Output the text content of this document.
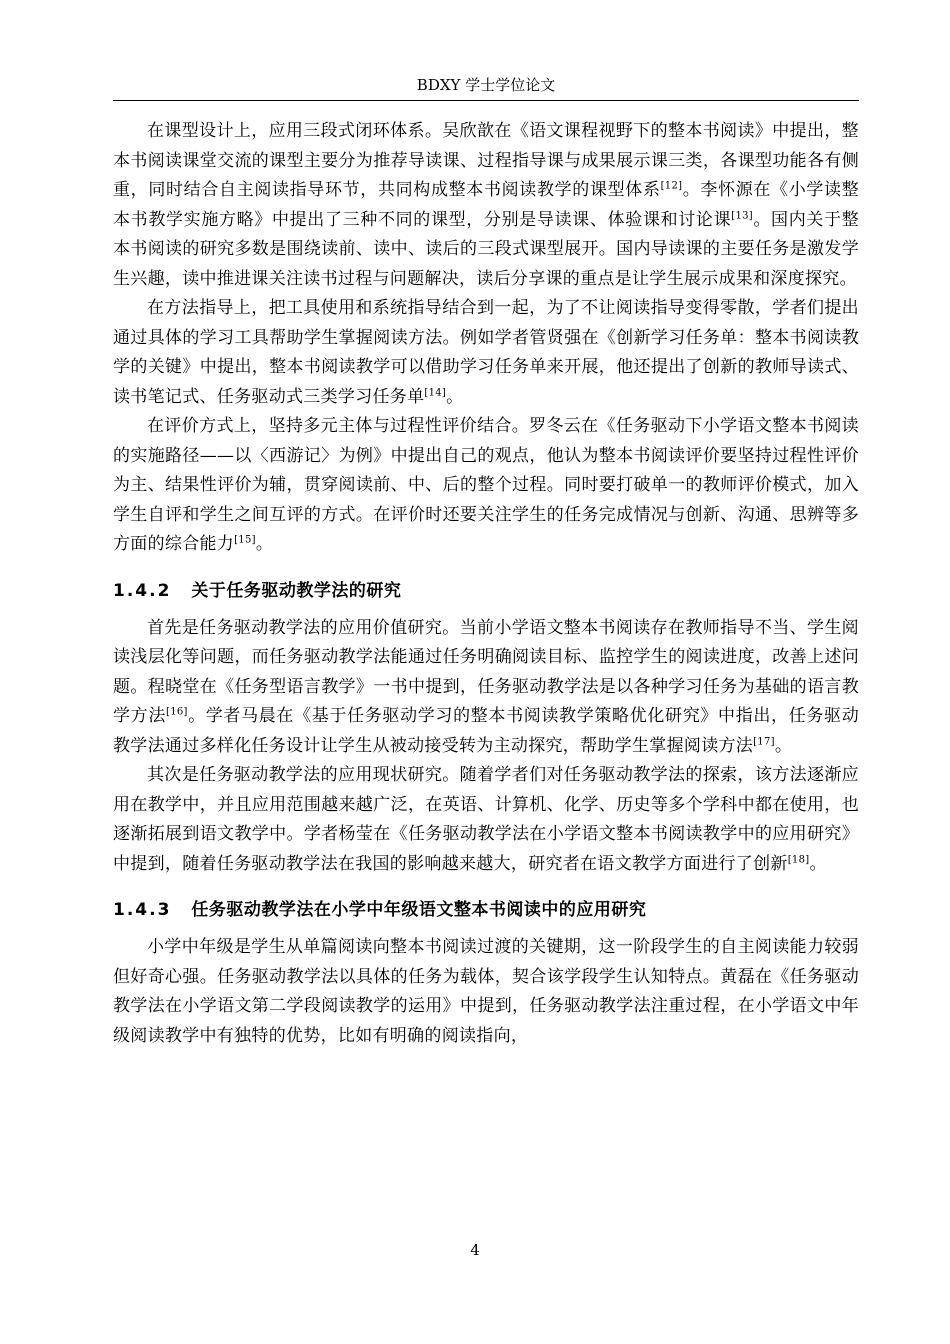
BDXY 学士学位论文

在课型设计上，应用三段式闭环体系。吴欣歆在《语文课程视野下的整本书阅读》中提出，整本书阅读课堂交流的课型主要分为推荐导读课、过程指导课与成果展示课三类，各课型功能各有侧重，同时结合自主阅读指导环节，共同构成整本书阅读教学的课型体系[12]。李怀源在《小学读整本书教学实施方略》中提出了三种不同的课型，分别是导读课、体验课和讨论课[13]。国内关于整本书阅读的研究多数是围绕读前、读中、读后的三段式课型展开。国内导读课的主要任务是激发学生兴趣，读中推进课关注读书过程与问题解决，读后分享课的重点是让学生展示成果和深度探究。

在方法指导上，把工具使用和系统指导结合到一起，为了不让阅读指导变得零散，学者们提出通过具体的学习工具帮助学生掌握阅读方法。例如学者管贤强在《创新学习任务单：整本书阅读教学的关键》中提出，整本书阅读教学可以借助学习任务单来开展，他还提出了创新的教师导读式、读书笔记式、任务驱动式三类学习任务单[14]。

在评价方式上，坚持多元主体与过程性评价结合。罗冬云在《任务驱动下小学语文整本书阅读的实施路径——以〈西游记〉为例》中提出自己的观点，他认为整本书阅读评价要坚持过程性评价为主、结果性评价为辅，贯穿阅读前、中、后的整个过程。同时要打破单一的教师评价模式，加入学生自评和学生之间互评的方式。在评价时还要关注学生的任务完成情况与创新、沟通、思辨等多方面的综合能力[15]。

1.4.2 关于任务驱动教学法的研究

首先是任务驱动教学法的应用价值研究。当前小学语文整本书阅读存在教师指导不当、学生阅读浅层化等问题，而任务驱动教学法能通过任务明确阅读目标、监控学生的阅读进度，改善上述问题。程晓堂在《任务型语言教学》一书中提到，任务驱动教学法是以各种学习任务为基础的语言教学方法[16]。学者马晨在《基于任务驱动学习的整本书阅读教学策略优化研究》中指出，任务驱动教学法通过多样化任务设计让学生从被动接受转为主动探究，帮助学生掌握阅读方法[17]。

其次是任务驱动教学法的应用现状研究。随着学者们对任务驱动教学法的探索，该方法逐渐应用在教学中，并且应用范围越来越广泛，在英语、计算机、化学、历史等多个学科中都在使用，也逐渐拓展到语文教学中。学者杨莹在《任务驱动教学法在小学语文整本书阅读教学中的应用研究》中提到，随着任务驱动教学法在我国的影响越来越大，研究者在语文教学方面进行了创新[18]。

1.4.3 任务驱动教学法在小学中年级语文整本书阅读中的应用研究

小学中年级是学生从单篇阅读向整本书阅读过渡的关键期，这一阶段学生的自主阅读能力较弱但好奇心强。任务驱动教学法以具体的任务为载体，契合该学段学生认知特点。黄磊在《任务驱动教学法在小学语文第二学段阅读教学的运用》中提到，任务驱动教学法注重过程，在小学语文中年级阅读教学中有独特的优势，比如有明确的阅读指向，

4
